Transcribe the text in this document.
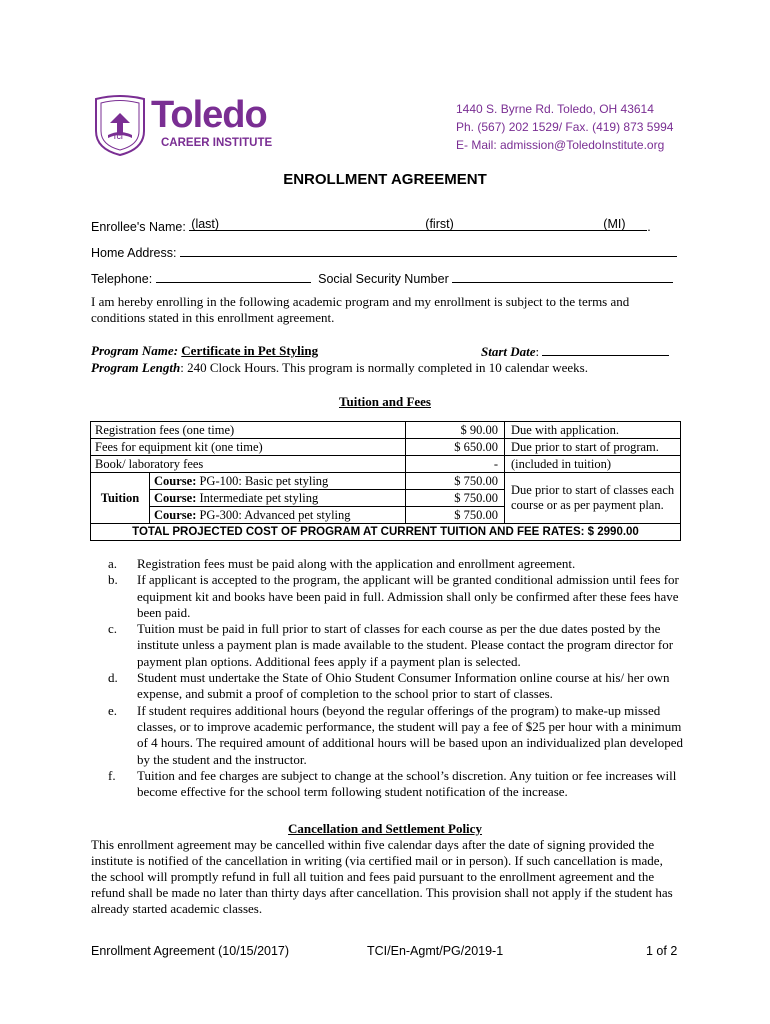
TCI
Toledo
CAREER INSTITUTE
1440 S. Byrne Rd. Toledo, OH 43614
Ph. (567) 202 1529/ Fax. (419) 873 5994
E- Mail: admission@ToledoInstitute.org
ENROLLMENT AGREEMENT
Enrollee's Name: (last)	(first)	(MI) .
Home Address:
Telephone:	Social Security Number
I am hereby enrolling in the following academic program and my enrollment is subject to the terms and conditions stated in this enrollment agreement.
Program Name: Certificate in Pet Styling	Start Date:
Program Length: 240 Clock Hours. This program is normally completed in 10 calendar weeks.
Tuition and Fees
Registration fees (one time)		$ 90.00	Due with application.
Fees for equipment kit (one time)		$ 650.00	Due prior to start of program.
Book/ laboratory fees		-	(included in tuition)
Tuition	Course: PG-100: Basic pet styling	$ 750.00	Due prior to start of classes each course or as per payment plan.
	Course: Intermediate pet styling	$ 750.00	
	Course: PG-300: Advanced pet styling	$ 750.00	
TOTAL PROJECTED COST OF PROGRAM AT CURRENT TUITION AND FEE RATES: $ 2990.00			
a. Registration fees must be paid along with the application and enrollment agreement.
b. If applicant is accepted to the program, the applicant will be granted conditional admission until fees for equipment kit and books have been paid in full. Admission shall only be confirmed after these fees have been paid.
c. Tuition must be paid in full prior to start of classes for each course as per the due dates posted by the institute unless a payment plan is made available to the student. Please contact the program director for payment plan options. Additional fees apply if a payment plan is selected.
d. Student must undertake the State of Ohio Student Consumer Information online course at his/ her own expense, and submit a proof of completion to the school prior to start of classes.
e. If student requires additional hours (beyond the regular offerings of the program) to make-up missed classes, or to improve academic performance, the student will pay a fee of $25 per hour with a minimum of 4 hours. The required amount of additional hours will be based upon an individualized plan developed by the student and the instructor.
f. Tuition and fee charges are subject to change at the school’s discretion. Any tuition or fee increases will become effective for the school term following student notification of the increase.
Cancellation and Settlement Policy
This enrollment agreement may be cancelled within five calendar days after the date of signing provided the institute is notified of the cancellation in writing (via certified mail or in person). If such cancellation is made, the school will promptly refund in full all tuition and fees paid pursuant to the enrollment agreement and the refund shall be made no later than thirty days after cancellation. This provision shall not apply if the student has already started academic classes.
Enrollment Agreement (10/15/2017)	TCI/En-Agmt/PG/2019-1	1 of 2
